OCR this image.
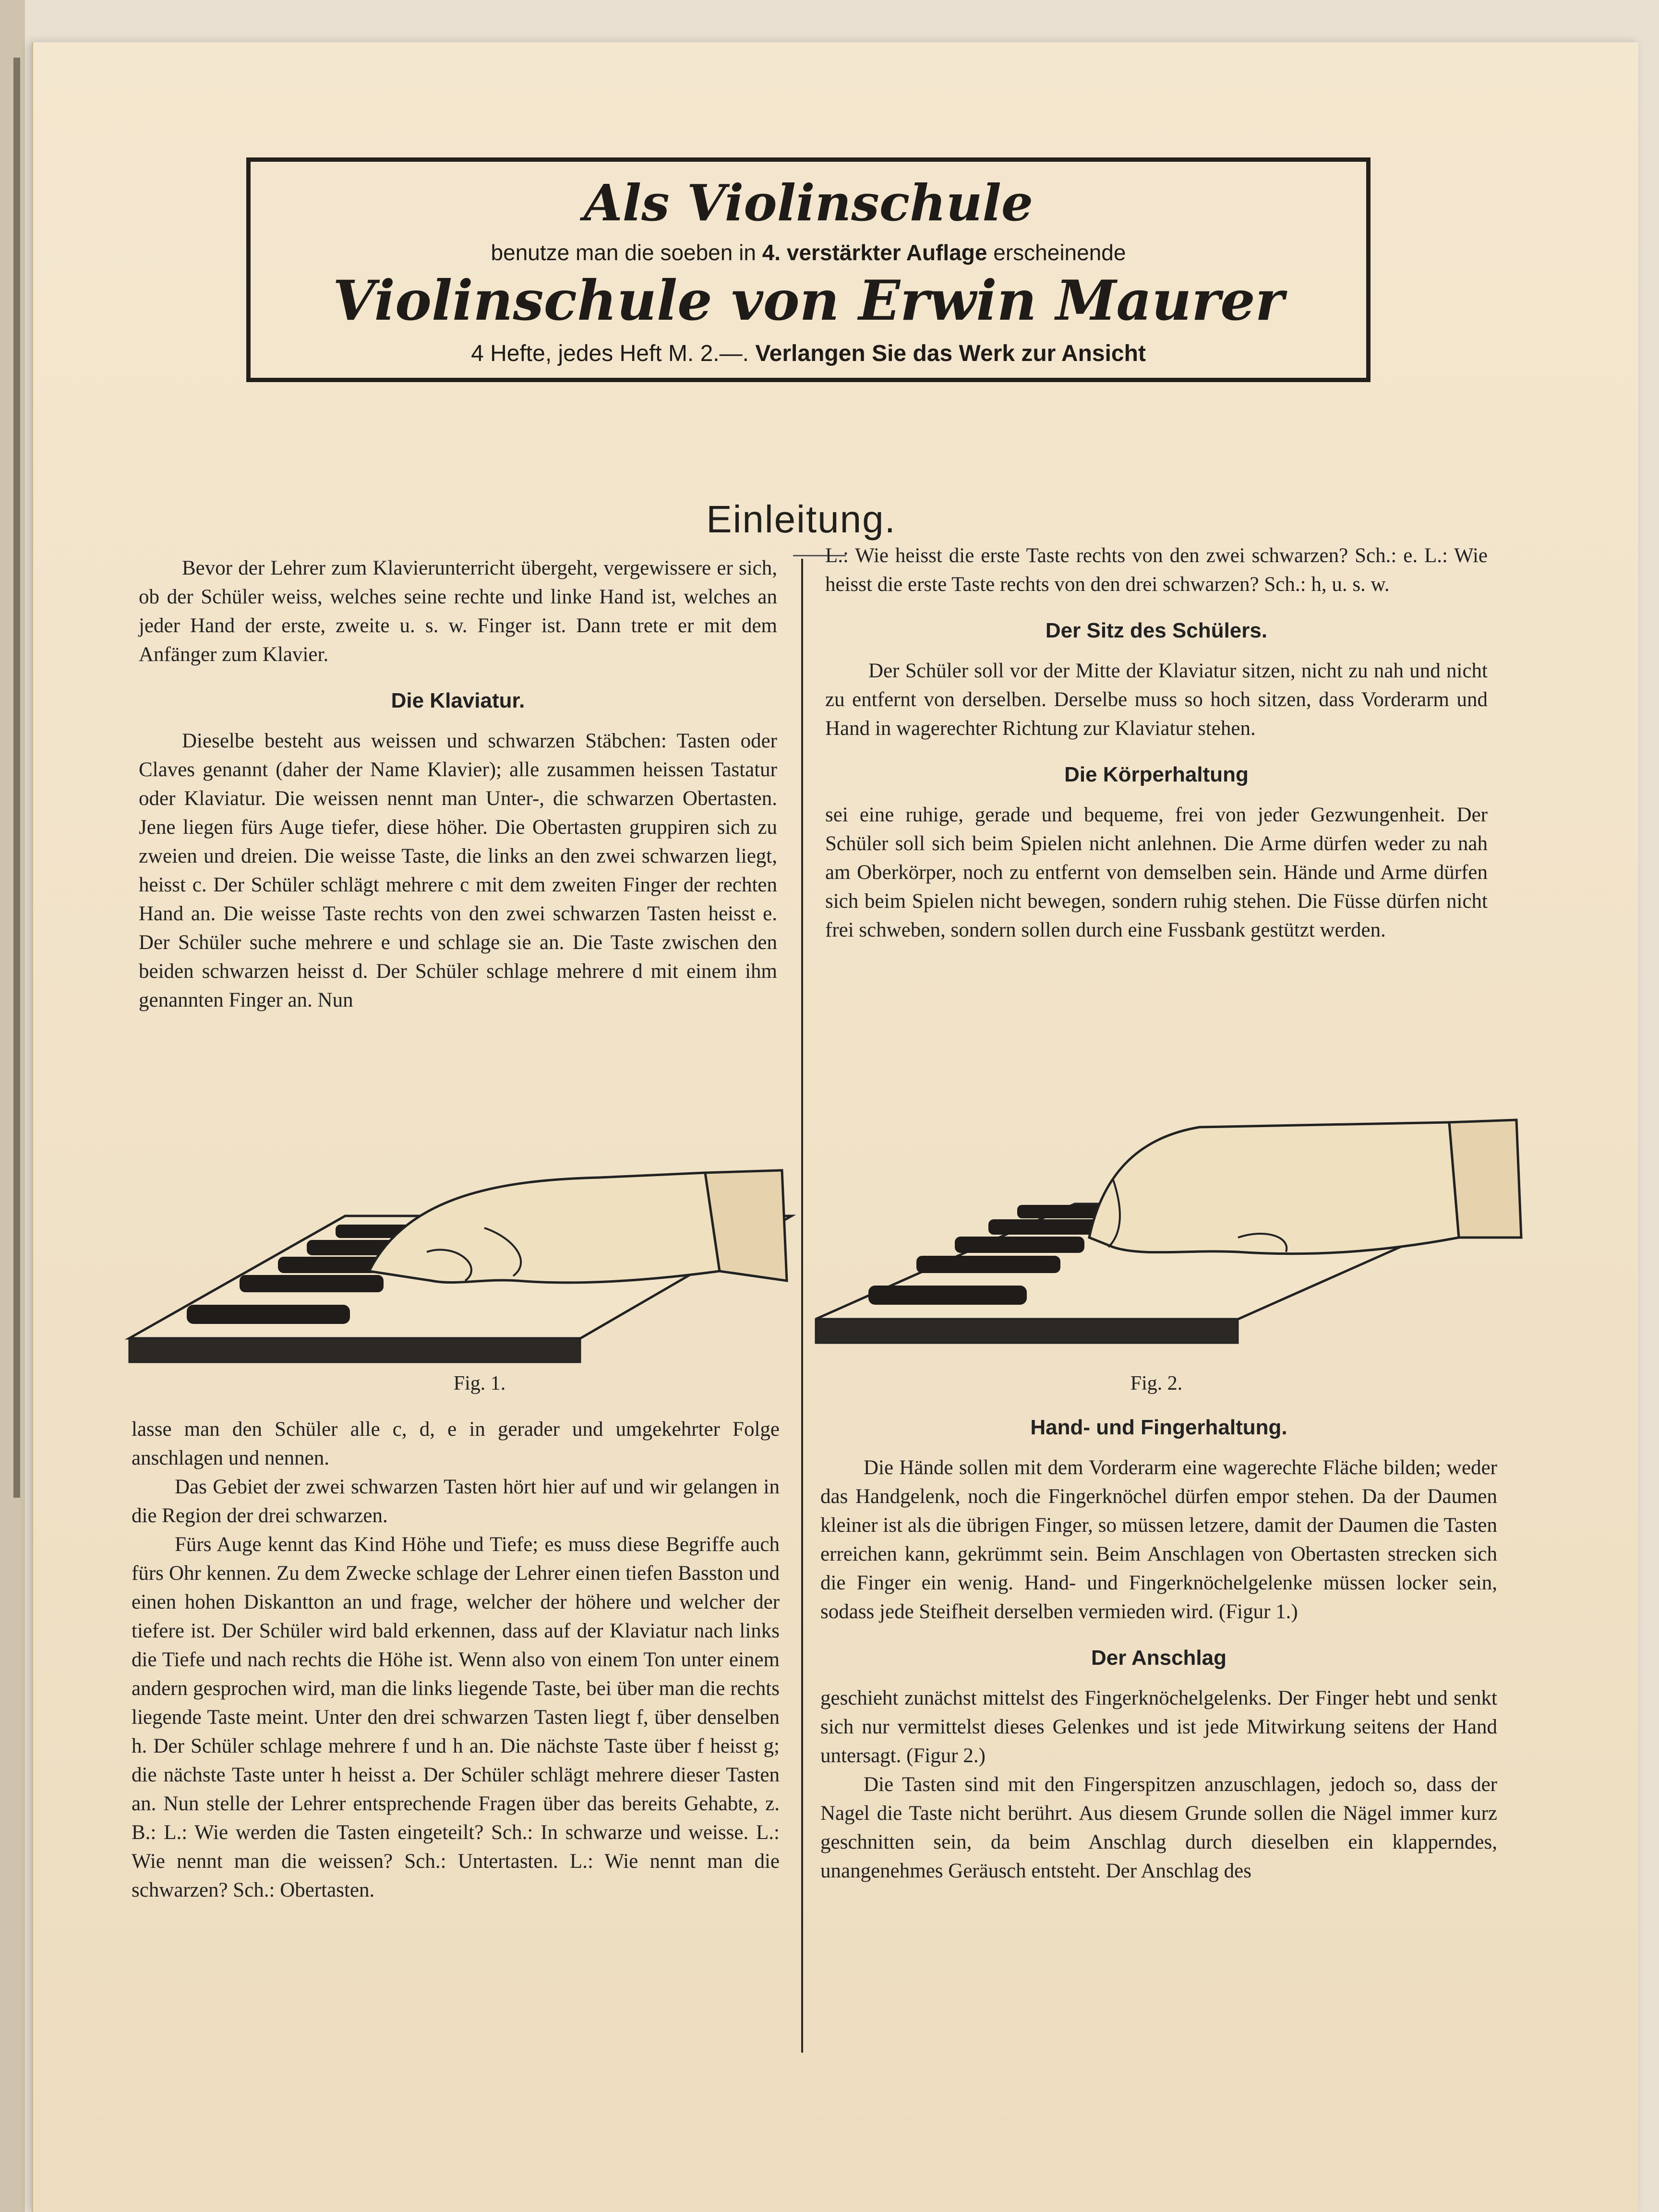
Als Violinschule
benutze man die soeben in 4. verstärkter Auflage erscheinende
Violinschule von Erwin Maurer
4 Hefte, jedes Heft M. 2.—. Verlangen Sie das Werk zur Ansicht
Einleitung.

Bevor der Lehrer zum Klavierunterricht übergeht, vergewissere er sich, ob der Schüler weiss, welches seine rechte und linke Hand ist, welches an jeder Hand der erste, zweite u. s. w. Finger ist. Dann trete er mit dem Anfänger zum Klavier.

Die Klaviatur.

Dieselbe besteht aus weissen und schwarzen Stäbchen: Tasten oder Claves genannt (daher der Name Klavier); alle zusammen heissen Tastatur oder Klaviatur. Die weissen nennt man Unter-, die schwarzen Obertasten. Jene liegen fürs Auge tiefer, diese höher. Die Obertasten gruppiren sich zu zweien und dreien. Die weisse Taste, die links an den zwei schwarzen liegt, heisst c. Der Schüler schlägt mehrere c mit dem zweiten Finger der rechten Hand an. Die weisse Taste rechts von den zwei schwarzen Tasten heisst e. Der Schüler suche mehrere e und schlage sie an. Die Taste zwischen den beiden schwarzen heisst d. Der Schüler schlage mehrere d mit einem ihm genannten Finger an. Nun

Fig. 1.

lasse man den Schüler alle c, d, e in gerader und umgekehrter Folge anschlagen und nennen.

Das Gebiet der zwei schwarzen Tasten hört hier auf und wir gelangen in die Region der drei schwarzen.

Fürs Auge kennt das Kind Höhe und Tiefe; es muss diese Begriffe auch fürs Ohr kennen. Zu dem Zwecke schlage der Lehrer einen tiefen Basston und einen hohen Diskantton an und frage, welcher der höhere und welcher der tiefere ist. Der Schüler wird bald erkennen, dass auf der Klaviatur nach links die Tiefe und nach rechts die Höhe ist. Wenn also von einem Ton unter einem andern gesprochen wird, man die links liegende Taste, bei über man die rechts liegende Taste meint. Unter den drei schwarzen Tasten liegt f, über denselben h. Der Schüler schlage mehrere f und h an. Die nächste Taste über f heisst g; die nächste Taste unter h heisst a. Der Schüler schlägt mehrere dieser Tasten an. Nun stelle der Lehrer entsprechende Fragen über das bereits Gehabte, z. B.: L.: Wie werden die Tasten eingeteilt? Sch.: In schwarze und weisse. L.: Wie nennt man die weissen? Sch.: Untertasten. L.: Wie nennt man die schwarzen? Sch.: Obertasten.

L.: Wie heisst die erste Taste rechts von den zwei schwarzen? Sch.: e. L.: Wie heisst die erste Taste rechts von den drei schwarzen? Sch.: h, u. s. w.

Der Sitz des Schülers.

Der Schüler soll vor der Mitte der Klaviatur sitzen, nicht zu nah und nicht zu entfernt von derselben. Derselbe muss so hoch sitzen, dass Vorderarm und Hand in wagerechter Richtung zur Klaviatur stehen.

Die Körperhaltung

sei eine ruhige, gerade und bequeme, frei von jeder Gezwungenheit. Der Schüler soll sich beim Spielen nicht anlehnen. Die Arme dürfen weder zu nah am Oberkörper, noch zu entfernt von demselben sein. Hände und Arme dürfen sich beim Spielen nicht bewegen, sondern ruhig stehen. Die Füsse dürfen nicht frei schweben, sondern sollen durch eine Fussbank gestützt werden.

Fig. 2.
Hand- und Fingerhaltung.

Die Hände sollen mit dem Vorderarm eine wagerechte Fläche bilden; weder das Handgelenk, noch die Fingerknöchel dürfen empor stehen. Da der Daumen kleiner ist als die übrigen Finger, so müssen letzere, damit der Daumen die Tasten erreichen kann, gekrümmt sein. Beim Anschlagen von Obertasten strecken sich die Finger ein wenig. Hand- und Fingerknöchelgelenke müssen locker sein, sodass jede Steifheit derselben vermieden wird. (Figur 1.)

Der Anschlag

geschieht zunächst mittelst des Fingerknöchelgelenks. Der Finger hebt und senkt sich nur vermittelst dieses Gelenkes und ist jede Mitwirkung seitens der Hand untersagt. (Figur 2.)

Die Tasten sind mit den Fingerspitzen anzuschlagen, jedoch so, dass der Nagel die Taste nicht berührt. Aus diesem Grunde sollen die Nägel immer kurz geschnitten sein, da beim Anschlag durch dieselben ein klapperndes, unangenehmes Geräusch entsteht. Der Anschlag des
